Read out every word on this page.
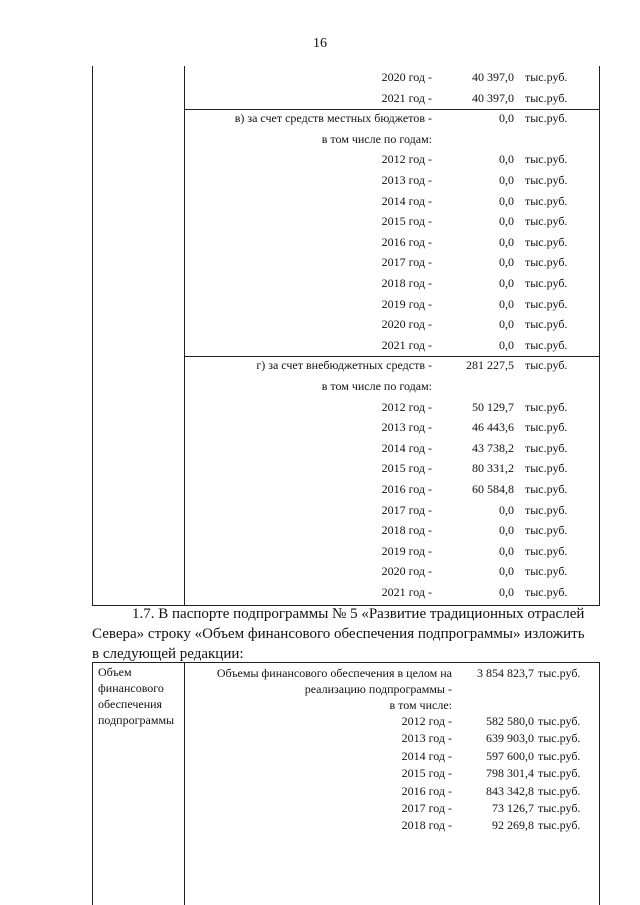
16
2020 год -	40 397,0 тыс.руб.
2021 год -	40 397,0 тыс.руб.
в) за счет средств местных бюджетов -	0,0 тыс.руб.
в том числе по годам:
2012 год -	0,0 тыс.руб.
2013 год -	0,0 тыс.руб.
2014 год -	0,0 тыс.руб.
2015 год -	0,0 тыс.руб.
2016 год -	0,0 тыс.руб.
2017 год -	0,0 тыс.руб.
2018 год -	0,0 тыс.руб.
2019 год -	0,0 тыс.руб.
2020 год -	0,0 тыс.руб.
2021 год -	0,0 тыс.руб.
г) за счет внебюджетных средств -	281 227,5 тыс.руб.
в том числе по годам:
2012 год -	50 129,7 тыс.руб.
2013 год -	46 443,6 тыс.руб.
2014 год -	43 738,2 тыс.руб.
2015 год -	80 331,2 тыс.руб.
2016 год -	60 584,8 тыс.руб.
2017 год -	0,0 тыс.руб.
2018 год -	0,0 тыс.руб.
2019 год -	0,0 тыс.руб.
2020 год -	0,0 тыс.руб.
2021 год -	0,0 тыс.руб.
1.7. В паспорте подпрограммы № 5 «Развитие традиционных отраслей
Севера» строку «Объем финансового обеспечения подпрограммы» изложить
в следующей редакции:
Объем
финансового
обеспечения
подпрограммы
Объемы финансового обеспечения в целом на
реализацию подпрограммы -
в том числе:
3 854 823,7 тыс.руб.
2012 год -	582 580,0 тыс.руб.
2013 год -	639 903,0 тыс.руб.
2014 год -	597 600,0 тыс.руб.
2015 год -	798 301,4 тыс.руб.
2016 год -	843 342,8 тыс.руб.
2017 год -	73 126,7 тыс.руб.
2018 год -	92 269,8 тыс.руб.
